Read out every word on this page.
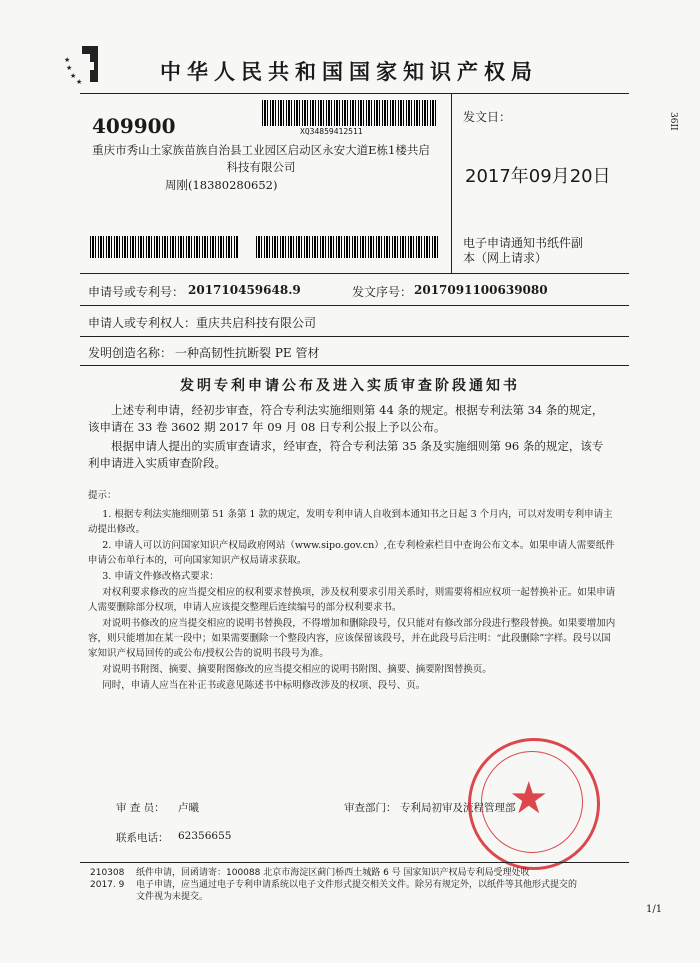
★
★
★
★	中华人民共和国国家知识产权局
409900	XQ34859412511
重庆市秀山土家族苗族自治县工业园区启动区永安大道E栋1楼共启
科技有限公司
周刚(18380280652)
发文日：
2017年09月20日
36II
电子申请通知书纸件副本（网上请求）
申请号或专利号： 201710459648.9	发文序号： 2017091100639080
申请人或专利权人： 重庆共启科技有限公司
发明创造名称： 一种高韧性抗断裂 PE 管材
发明专利申请公布及进入实质审查阶段通知书
上述专利申请，经初步审查，符合专利法实施细则第 44 条的规定。根据专利法第 34 条的规定，该申请在 33 卷 3602 期 2017 年 09 月 08 日专利公报上予以公布。
根据申请人提出的实质审查请求，经审查，符合专利法第 35 条及实施细则第 96 条的规定，该专利申请进入实质审查阶段。

提示：

1. 根据专利法实施细则第 51 条第 1 款的规定，发明专利申请人自收到本通知书之日起 3 个月内，可以对发明专利申请主动提出修改。

2. 申请人可以访问国家知识产权局政府网站（www.sipo.gov.cn）,在专利检索栏目中查询公布文本。如果申请人需要纸件申请公布单行本的，可向国家知识产权局请求获取。

3. 申请文件修改格式要求：

对权利要求修改的应当提交相应的权利要求替换项，涉及权利要求引用关系时，则需要将相应权项一起替换补正。如果申请人需要删除部分权项，申请人应该提交整理后连续编号的部分权利要求书。

对说明书修改的应当提交相应的说明书替换段，不得增加和删除段号，仅只能对有修改部分段进行整段替换。如果要增加内容，则只能增加在某一段中；如果需要删除一个整段内容，应该保留该段号，并在此段号后注明：“此段删除”字样。段号以国家知识产权局回传的或公布/授权公告的说明书段号为准。

对说明书附图、摘要、摘要附图修改的应当提交相应的说明书附图、摘要、摘要附图替换页。

同时，申请人应当在补正书或意见陈述书中标明修改涉及的权项、段号、页。

审 查 员： 卢曦	审查部门： 专利局初审及流程管理部
联系电话： 62356655
★
210308
2017. 9
纸件申请，回函请寄：100088 北京市海淀区蓟门桥西土城路 6 号 国家知识产权局专利局受理处收
电子申请，应当通过电子专利申请系统以电子文件形式提交相关文件。除另有规定外，以纸件等其他形式提交的
文件视为未提交。
1/1
